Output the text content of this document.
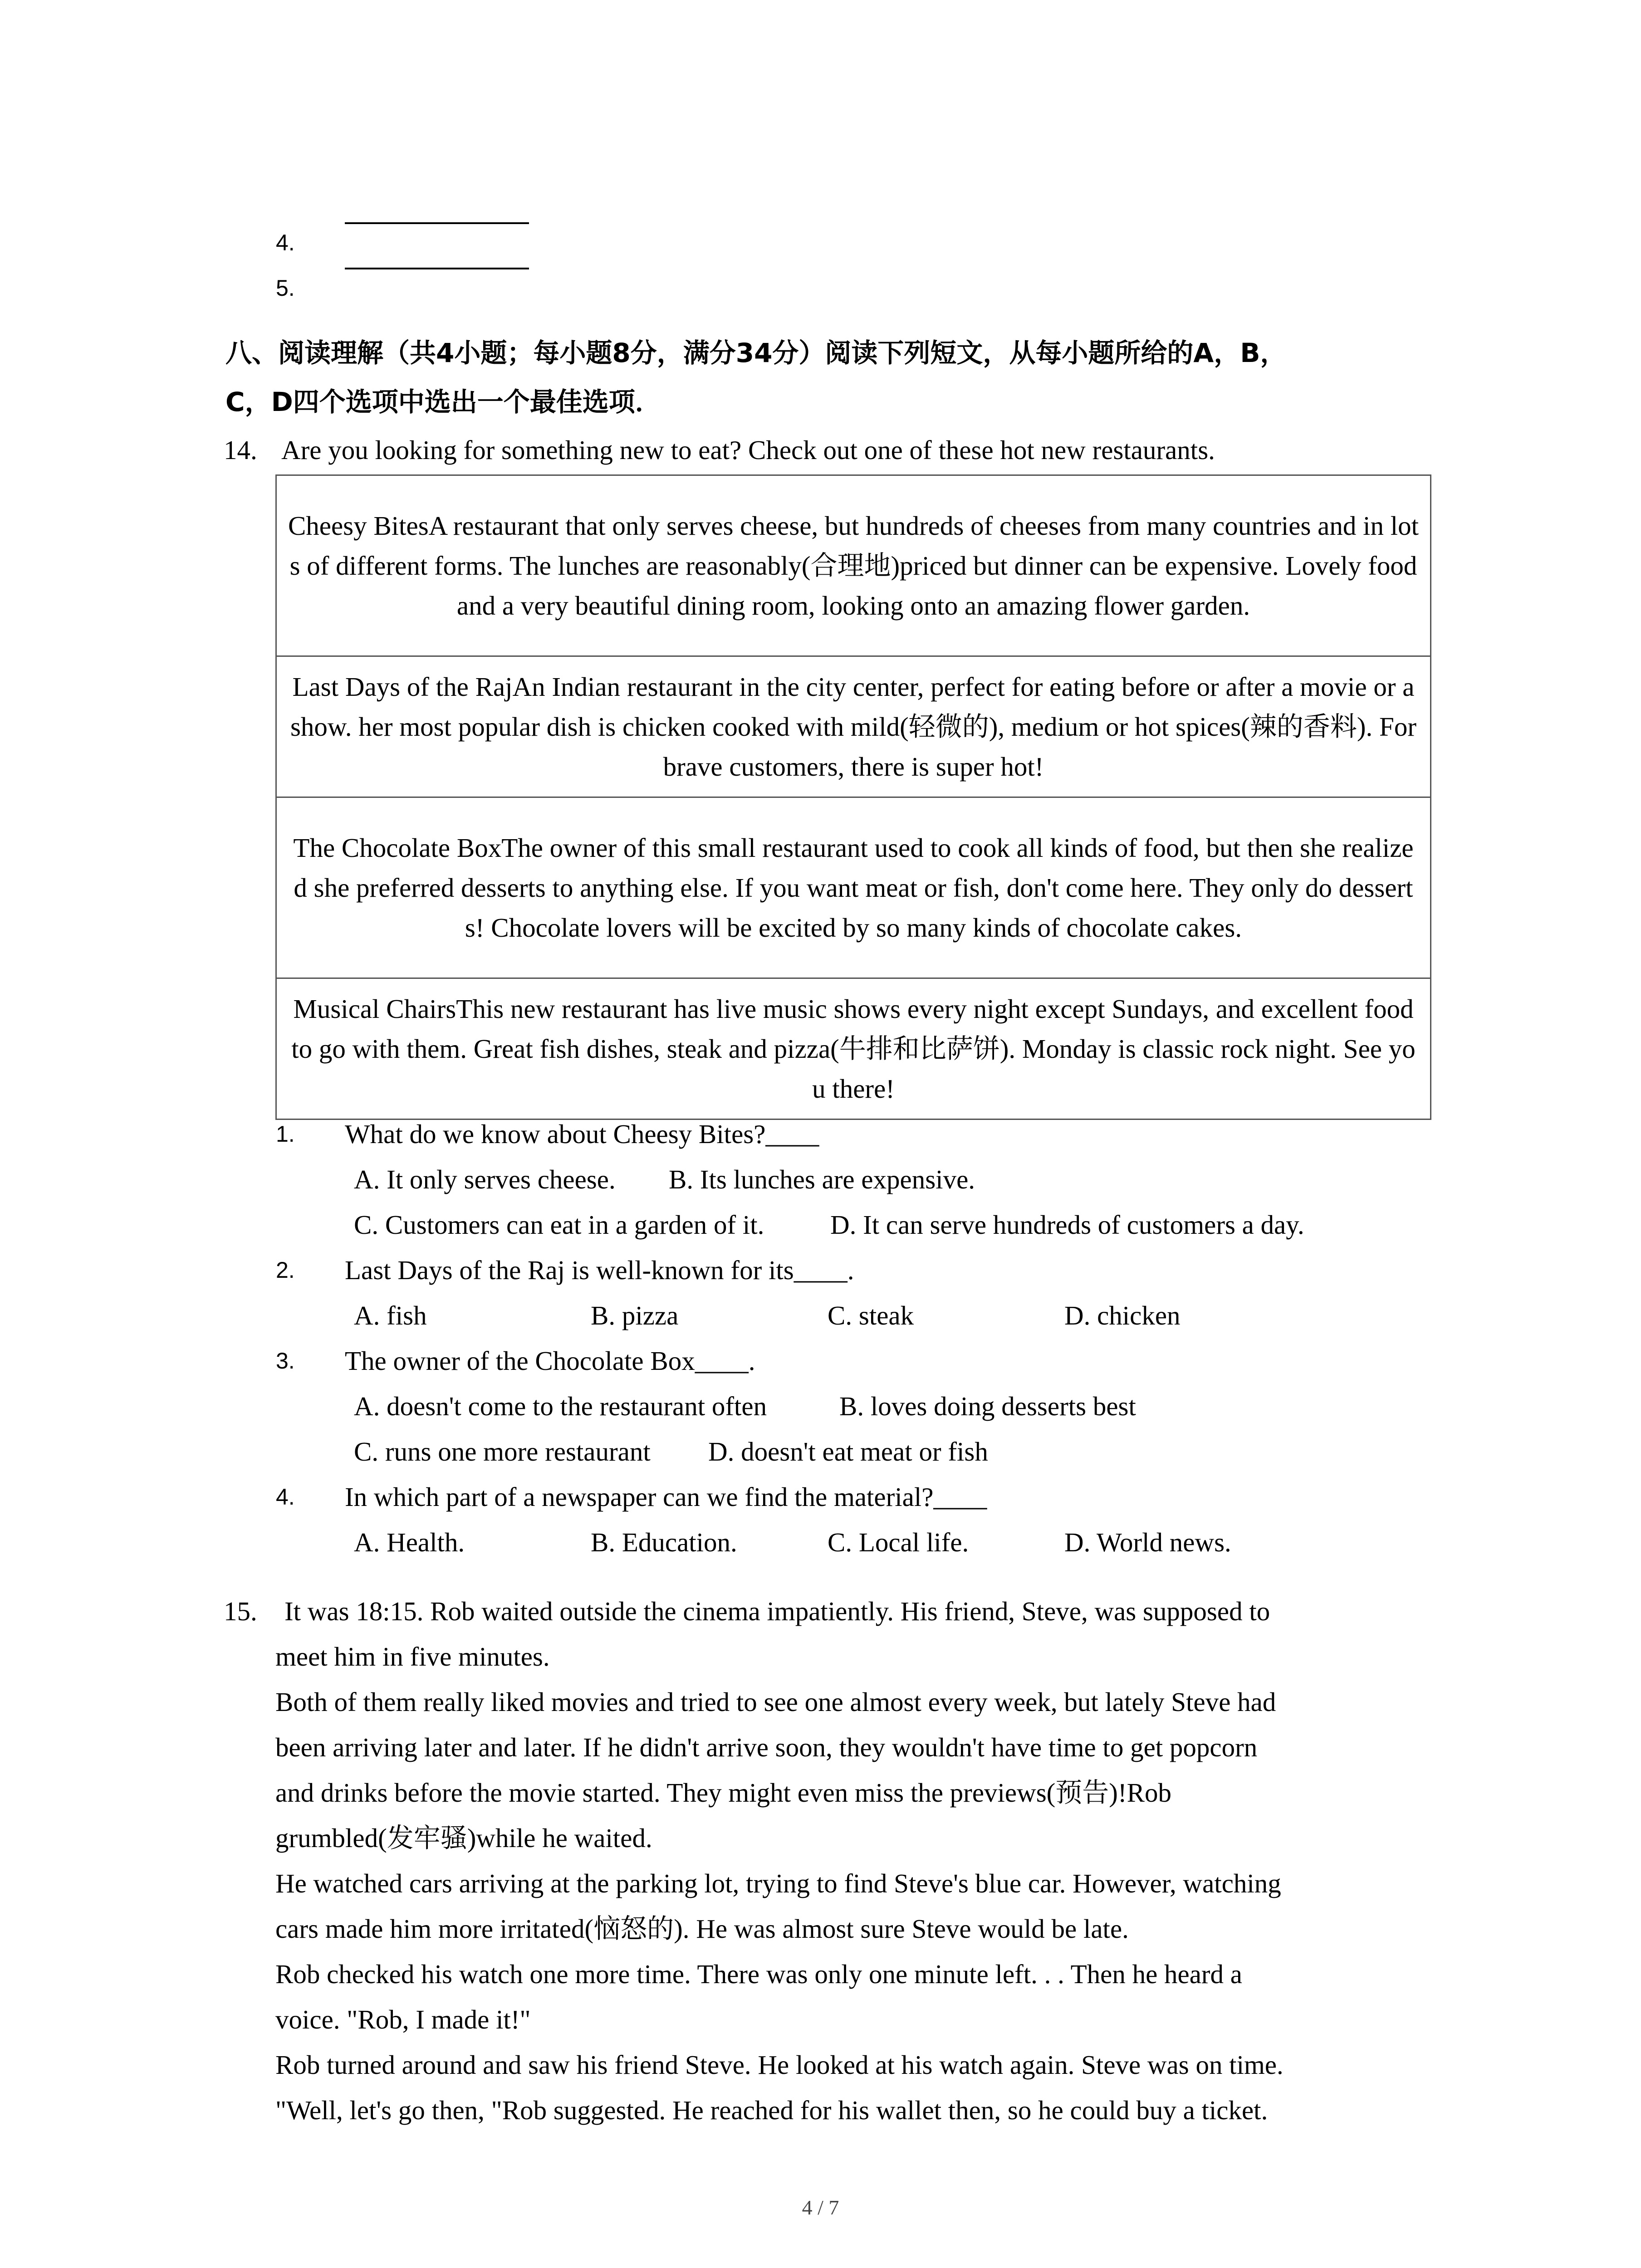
4.
5.
八、阅读理解（共4小题；每小题8分，满分34分）阅读下列短文，从每小题所给的A，B，
C，D四个选项中选出一个最佳选项．
14. Are you looking for something new to eat? Check out one of these hot new restaurants.
Cheesy BitesA restaurant that only serves cheese, but hundreds of cheeses from many countries and in lots of different forms. The lunches are reasonably(合理地)priced but dinner can be expensive. Lovely food and a very beautiful dining room, looking onto an amazing flower garden.
Last Days of the RajAn Indian restaurant in the city center, perfect for eating before or after a movie or a show. her most popular dish is chicken cooked with mild(轻微的), medium or hot spices(辣的香料). For brave customers, there is super hot!
The Chocolate BoxThe owner of this small restaurant used to cook all kinds of food, but then she realized she preferred desserts to anything else. If you want meat or fish, don't come here. They only do desserts! Chocolate lovers will be excited by so many kinds of chocolate cakes.
Musical ChairsThis new restaurant has live music shows every night except Sundays, and excellent food to go with them. Great fish dishes, steak and pizza(牛排和比萨饼). Monday is classic rock night. See you there!
1. What do we know about Cheesy Bites?____
A. It only serves cheese. B. Its lunches are expensive.
C. Customers can eat in a garden of it. D. It can serve hundreds of customers a day.
2. Last Days of the Raj is well-known for its____.
A. fish	B. pizza	C. steak	D. chicken
3. The owner of the Chocolate Box____.
A. doesn't come to the restaurant often	B. loves doing desserts best
C. runs one more restaurant D. doesn't eat meat or fish
4. In which part of a newspaper can we find the material?____
A. Health.	B. Education.	C. Local life.	D. World news.
15. It was 18:15. Rob waited outside the cinema impatiently. His friend, Steve, was supposed to

meet him in five minutes.

Both of them really liked movies and tried to see one almost every week, but lately Steve had

been arriving later and later. If he didn't arrive soon, they wouldn't have time to get popcorn

and drinks before the movie started. They might even miss the previews(预告)!Rob

grumbled(发牢骚)while he waited.

He watched cars arriving at the parking lot, trying to find Steve's blue car. However, watching

cars made him more irritated(恼怒的). He was almost sure Steve would be late.

Rob checked his watch one more time. There was only one minute left. . . Then he heard a

voice. "Rob, I made it!"

Rob turned around and saw his friend Steve. He looked at his watch again. Steve was on time.

"Well, let's go then, "Rob suggested. He reached for his wallet then, so he could buy a ticket.

4 / 7
